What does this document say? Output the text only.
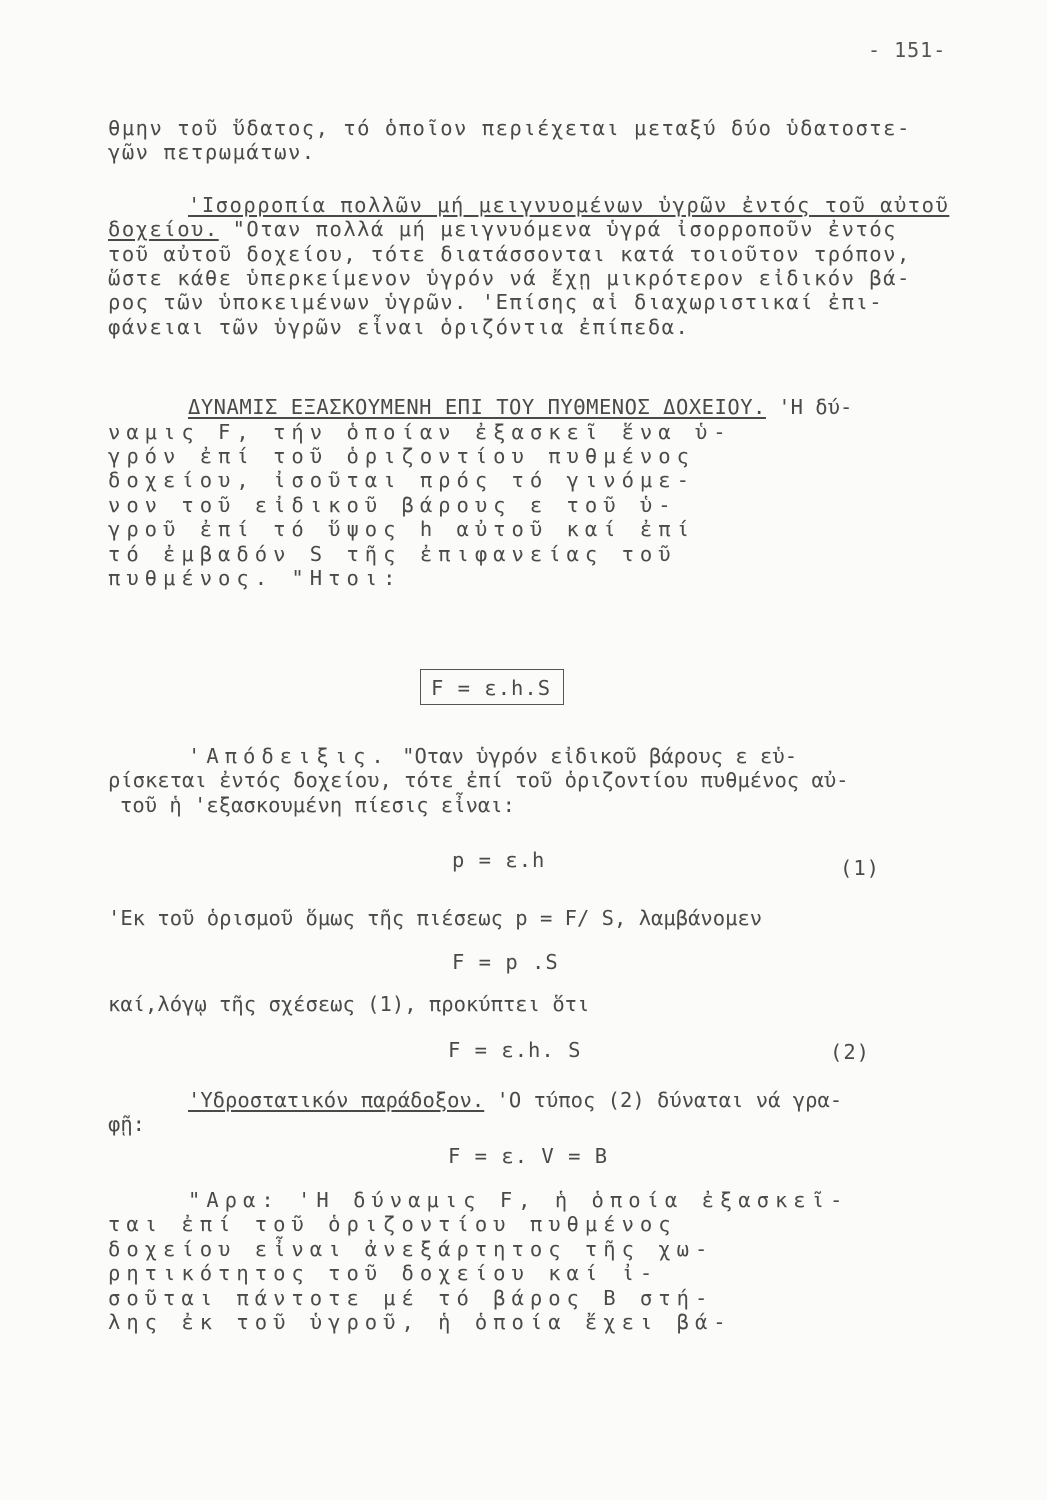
- 151-

θμην τοῦ ὕδατος, τό ὁποῖον περιέχεται μεταξύ δύο ὑδατοστε-

γῶν πετρωμάτων.

'Ισορροπία πολλῶν μή μειγνυομένων ὑγρῶν ἐντός τοῦ αὐτοῦ

δοχείου. "Οταν πολλά μή μειγνυόμενα ὑγρά ἰσορροποῦν ἐντός

τοῦ αὐτοῦ δοχείου, τότε διατάσσονται κατά τοιοῦτον τρόπον,

ὥστε κάθε ὑπερκείμενον ὑγρόν νά ἔχῃ μικρότερον εἰδικόν βά-

ρος τῶν ὑποκειμένων ὑγρῶν. 'Επίσης αἱ διαχωριστικαί ἐπι-

φάνειαι τῶν ὑγρῶν εἶναι ὁριζόντια ἐπίπεδα.

ΔΥΝΑΜΙΣ ΕΞΑΣΚΟΥΜΕΝΗ ΕΠΙ ΤΟΥ ΠΥΘΜΕΝΟΣ ΔΟΧΕΙΟΥ. 'Η δύ-

ναμις F, τήν ὁποίαν ἐξασκεῖ ἕνα ὑ-

γρόν ἐπί τοῦ ὁριζοντίου πυθμένος

δοχείου, ἰσοῦται πρός τό γινόμε-

νον τοῦ εἰδικοῦ βάρους ε τοῦ ὑ-

γροῦ ἐπί τό ὕψος h αὐτοῦ καί ἐπί

τό ἐμβαδόν S τῆς ἐπιφανείας τοῦ

πυθμένος. "Ητοι:

F = ε.h.S

'Απόδειξις. "Οταν ὑγρόν εἰδικοῦ βάρους ε εὑ-

ρίσκεται ἐντός δοχείου, τότε ἐπί τοῦ ὁριζοντίου πυθμένος αὐ-

τοῦ ἡ 'εξασκουμένη πίεσις εἶναι:

p = ε.h	(1)

'Εκ τοῦ ὁρισμοῦ ὅμως τῆς πιέσεως p = F/ S, λαμβάνομεν

F = p .S

καί,λόγῳ τῆς σχέσεως (1), προκύπτει ὅτι

F = ε.h. S	(2)

'Υδροστατικόν παράδοξον. 'Ο τύπος (2) δύναται νά γρα-

φῇ:

F = ε. V = B

"Αρα: 'Η δύναμις F, ἡ ὁποία ἐξασκεῖ-

ται ἐπί τοῦ ὁριζοντίου πυθμένος

δοχείου εἶναι ἀνεξάρτητος τῆς χω-

ρητικότητος τοῦ δοχείου καί ἰ-

σοῦται πάντοτε μέ τό βάρος Β στή-

λης ἐκ τοῦ ὑγροῦ, ἡ ὁποία ἔχει βά-
